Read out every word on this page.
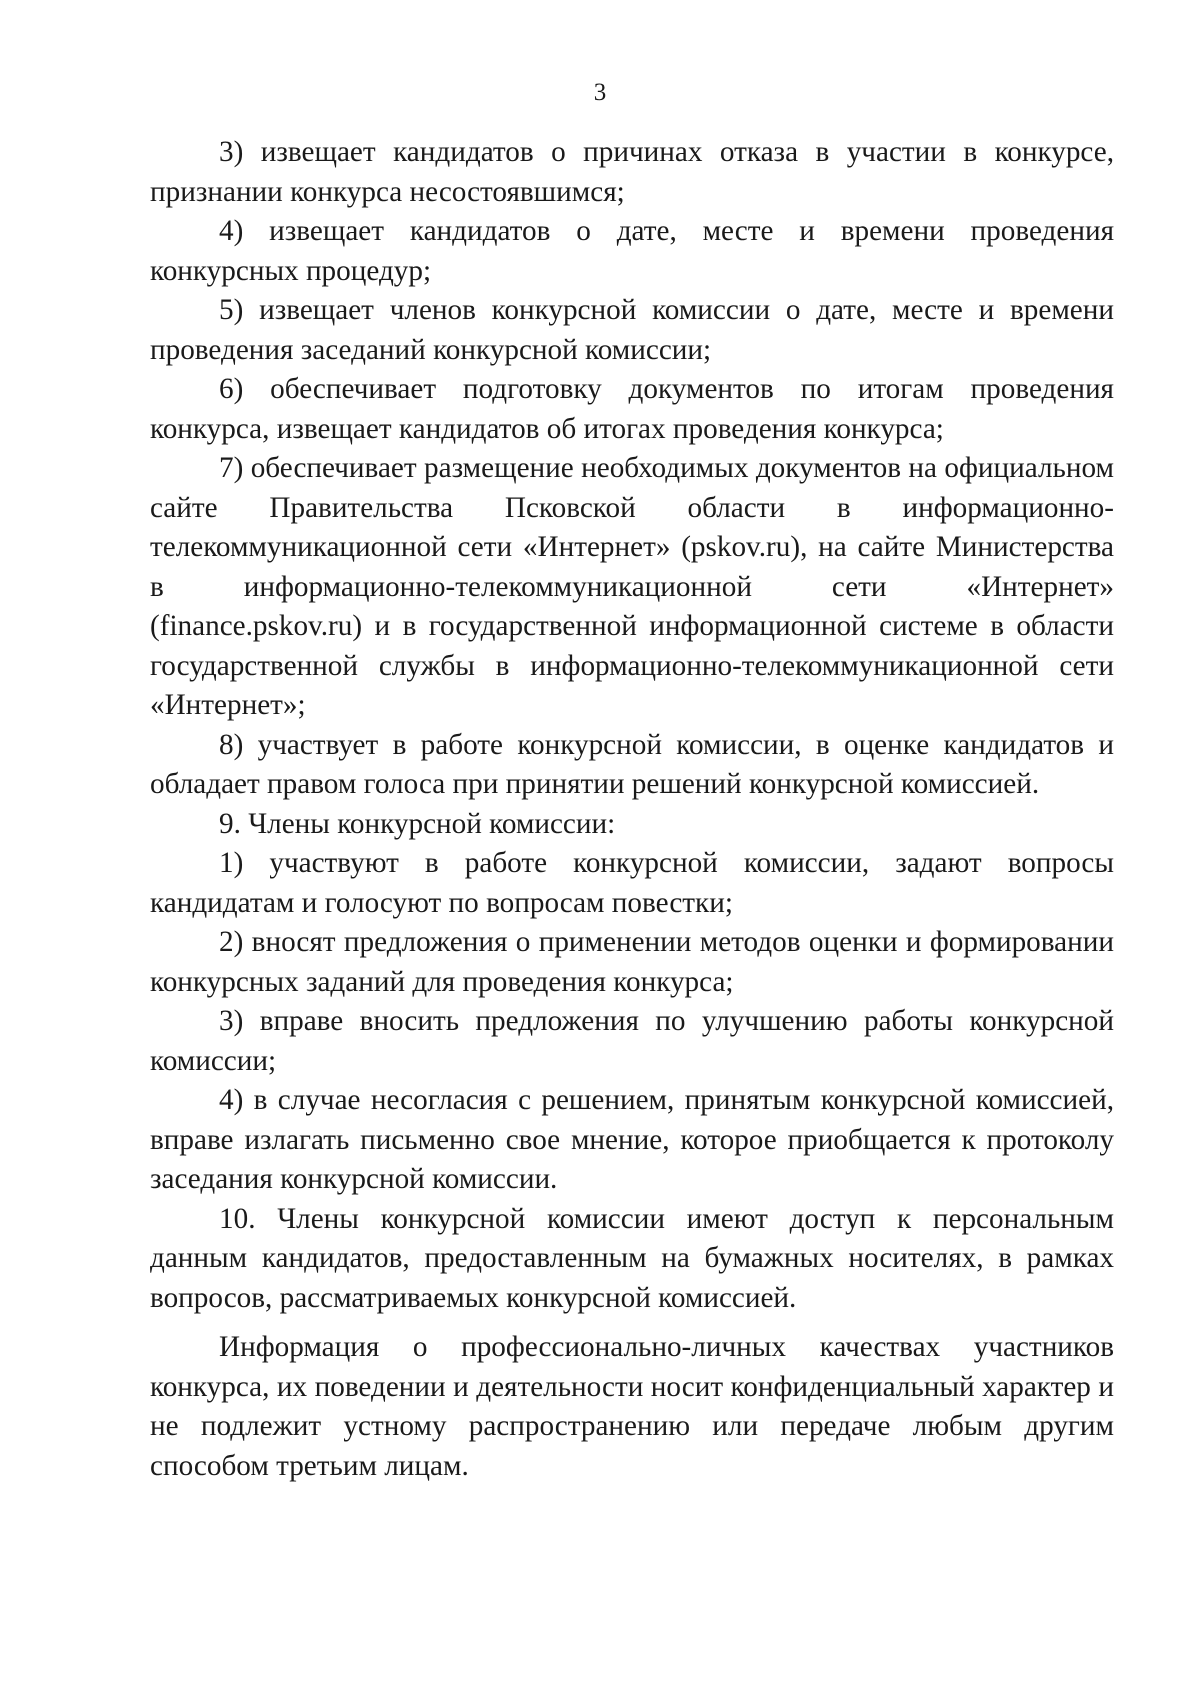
3

3) извещает кандидатов о причинах отказа в участии в конкурсе, признании конкурса несостоявшимся;

4) извещает кандидатов о дате, месте и времени проведения конкурсных процедур;

5) извещает членов конкурсной комиссии о дате, месте и времени проведения заседаний конкурсной комиссии;

6) обеспечивает подготовку документов по итогам проведения конкурса, извещает кандидатов об итогах проведения конкурса;

7) обеспечивает размещение необходимых документов на официальном сайте Правительства Псковской области в информационно-телекоммуникационной сети «Интернет» (pskov.ru), на сайте Министерства в информационно-телекоммуникационной сети «Интернет» (finance.pskov.ru) и в государственной информационной системе в области государственной службы в информационно-телекоммуникационной сети «Интернет»;

8) участвует в работе конкурсной комиссии, в оценке кандидатов и обладает правом голоса при принятии решений конкурсной комиссией.

9. Члены конкурсной комиссии:

1) участвуют в работе конкурсной комиссии, задают вопросы кандидатам и голосуют по вопросам повестки;

2) вносят предложения о применении методов оценки и формировании конкурсных заданий для проведения конкурса;

3) вправе вносить предложения по улучшению работы конкурсной комиссии;

4) в случае несогласия с решением, принятым конкурсной комиссией, вправе излагать письменно свое мнение, которое приобщается к протоколу заседания конкурсной комиссии.

10. Члены конкурсной комиссии имеют доступ к персональным данным кандидатов, предоставленным на бумажных носителях, в рамках вопросов, рассматриваемых конкурсной комиссией.

Информация о профессионально-личных качествах участников конкурса, их поведении и деятельности носит конфиденциальный характер и не подлежит устному распространению или передаче любым другим способом третьим лицам.
